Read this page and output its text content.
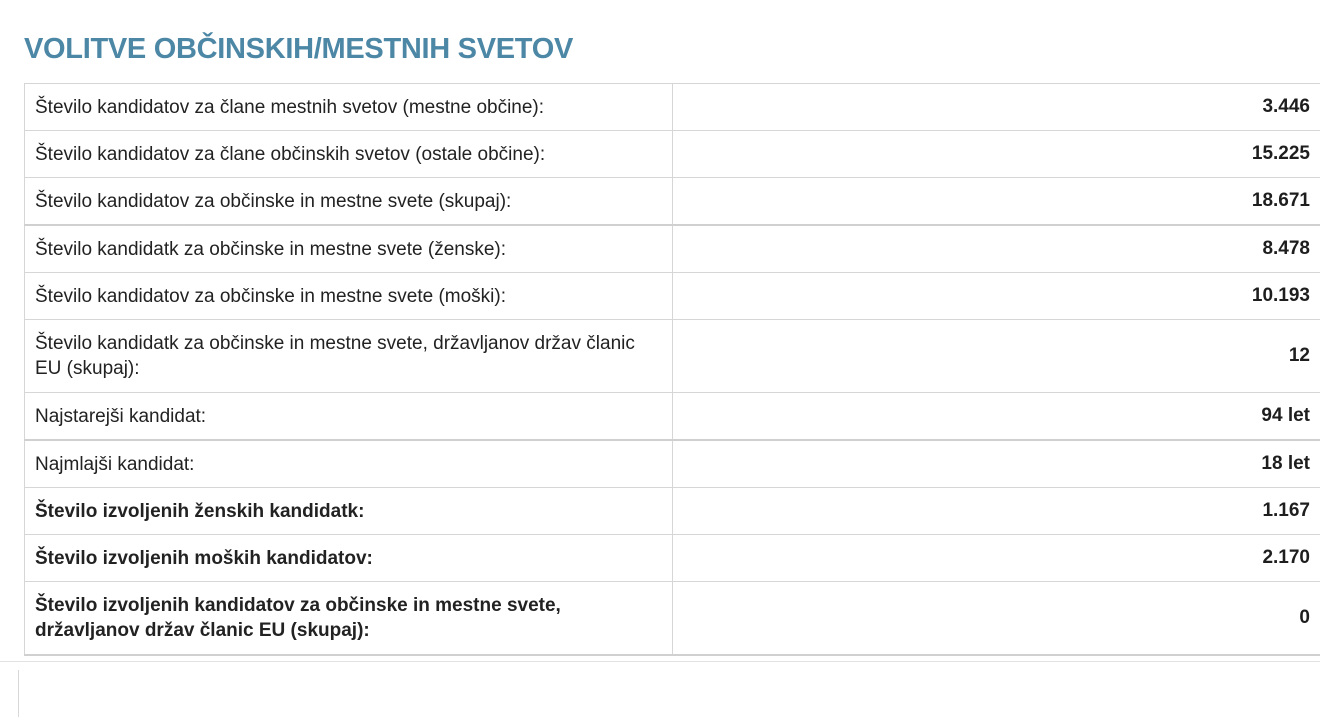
VOLITVE OBČINSKIH/MESTNIH SVETOV
Število kandidatov za člane mestnih svetov (mestne občine):	3.446
Število kandidatov za člane občinskih svetov (ostale občine):	15.225
Število kandidatov za občinske in mestne svete (skupaj):	18.671
Število kandidatk za občinske in mestne svete (ženske):	8.478
Število kandidatov za občinske in mestne svete (moški):	10.193
Število kandidatk za občinske in mestne svete, državljanov držav članic EU (skupaj):	12
Najstarejši kandidat:	94 let
Najmlajši kandidat:	18 let
Število izvoljenih ženskih kandidatk:	1.167
Število izvoljenih moških kandidatov:	2.170
Število izvoljenih kandidatov za občinske in mestne svete, državljanov držav članic EU (skupaj):	0
